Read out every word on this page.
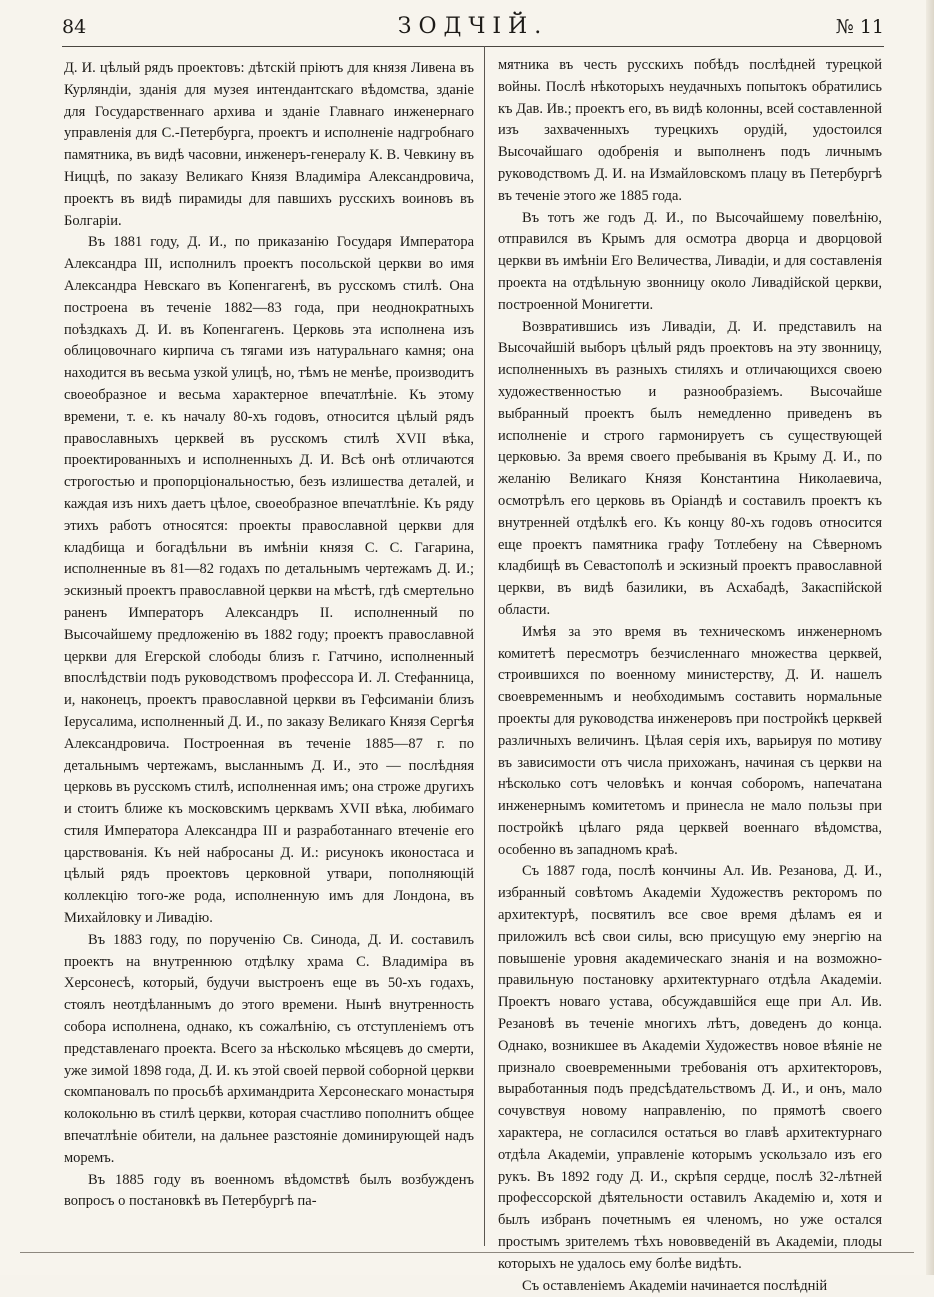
84	ЗОДЧІЙ.	№ 11

Д. И. цѣлый рядъ проектовъ: дѣтскій пріютъ для князя Ливена въ Курляндіи, зданія для музея интендантскаго вѣдомства, зданіе для Государственнаго архива и зданіе Главнаго инженернаго управленія для С.-Петербурга, проектъ и исполненіе надгробнаго памятника, въ видѣ часовни, инженеръ-генералу К. В. Чевкину въ Ниццѣ, по заказу Великаго Князя Владиміра Александровича, проектъ въ видѣ пирамиды для павшихъ русскихъ воиновъ въ Болгаріи.

Въ 1881 году, Д. И., по приказанію Государя Императора Александра III, исполнилъ проектъ посольской церкви во имя Александра Невскаго въ Копенгагенѣ, въ русскомъ стилѣ. Она построена въ теченіе 1882—83 года, при неоднократныхъ поѣздкахъ Д. И. въ Копенгагенъ. Церковь эта исполнена изъ облицовочнаго кирпича съ тягами изъ натуральнаго камня; она находится въ весьма узкой улицѣ, но, тѣмъ не менѣе, производитъ своеобразное и весьма характерное впечатлѣніе. Къ этому времени, т. е. къ началу 80-хъ годовъ, относится цѣлый рядъ православныхъ церквей въ русскомъ стилѣ XVII вѣка, проектированныхъ и исполненныхъ Д. И. Всѣ онѣ отличаются строгостью и пропорціональностью, безъ излишества деталей, и каждая изъ нихъ даетъ цѣлое, своеобразное впечатлѣніе. Къ ряду этихъ работъ относятся: проекты православной церкви для кладбища и богадѣльни въ имѣніи князя С. С. Гагарина, исполненные въ 81—82 годахъ по детальнымъ чертежамъ Д. И.; эскизный проектъ православной церкви на мѣстѣ, гдѣ смертельно раненъ Императоръ Александръ II. исполненный по Высочайшему предложенію въ 1882 году; проектъ православной церкви для Егерской слободы близъ г. Гатчино, исполненный впослѣдствіи подъ руководствомъ профессора И. Л. Стефанница, и, наконецъ, проектъ православной церкви въ Гефсиманіи близъ Іерусалима, исполненный Д. И., по заказу Великаго Князя Сергѣя Александровича. Построенная въ теченіе 1885—87 г. по детальнымъ чертежамъ, высланнымъ Д. И., это — послѣдняя церковь въ русскомъ стилѣ, исполненная имъ; она строже другихъ и стоитъ ближе къ московскимъ церквамъ XVII вѣка, любимаго стиля Императора Александра III и разработаннаго втеченіе его царствованія. Къ ней набросаны Д. И.: рисунокъ иконостаса и цѣлый рядъ проектовъ церковной утвари, пополняющій коллекцію того-же рода, исполненную имъ для Лондона, въ Михайловку и Ливадію.

Въ 1883 году, по порученію Св. Синода, Д. И. составилъ проектъ на внутреннюю отдѣлку храма С. Владиміра въ Херсонесѣ, который, будучи выстроенъ еще въ 50-хъ годахъ, стоялъ неотдѣланнымъ до этого времени. Нынѣ внутренность собора исполнена, однако, къ сожалѣнію, съ отступленіемъ отъ представленаго проекта. Всего за нѣсколько мѣсяцевъ до смерти, уже зимой 1898 года, Д. И. къ этой своей первой соборной церкви скомпановалъ по просьбѣ архимандрита Херсонескаго монастыря колокольню въ стилѣ церкви, которая счастливо пополнитъ общее впечатлѣніе обители, на дальнее разстояніе доминирующей надъ моремъ.

Въ 1885 году въ военномъ вѣдомствѣ былъ возбужденъ вопросъ о постановкѣ въ Петербургѣ па-

мятника въ честь русскихъ побѣдъ послѣдней турецкой войны. Послѣ нѣкоторыхъ неудачныхъ попытокъ обратились къ Дав. Ив.; проектъ его, въ видѣ колонны, всей составленной изъ захваченныхъ турецкихъ орудій, удостоился Высочайшаго одобренія и выполненъ подъ личнымъ руководствомъ Д. И. на Измайловскомъ плацу въ Петербургѣ въ теченіе этого же 1885 года.

Въ тотъ же годъ Д. И., по Высочайшему повелѣнію, отправился въ Крымъ для осмотра дворца и дворцовой церкви въ имѣніи Его Величества, Ливадіи, и для составленія проекта на отдѣльную звонницу около Ливадійской церкви, построенной Монигетти.

Возвратившись изъ Ливадіи, Д. И. представилъ на Высочайшій выборъ цѣлый рядъ проектовъ на эту звонницу, исполненныхъ въ разныхъ стиляхъ и отличающихся своею художественностью и разнообразіемъ. Высочайше выбранный проектъ былъ немедленно приведенъ въ исполненіе и строго гармонируетъ съ существующей церковью. За время своего пребыванія въ Крыму Д. И., по желанію Великаго Князя Константина Николаевича, осмотрѣлъ его церковь въ Оріандѣ и составилъ проектъ къ внутренней отдѣлкѣ его. Къ концу 80-хъ годовъ относится еще проектъ памятника графу Тотлебену на Сѣверномъ кладбищѣ въ Севастополѣ и эскизный проектъ православной церкви, въ видѣ базилики, въ Асхабадѣ, Закаспійской области.

Имѣя за это время въ техническомъ инженерномъ комитетѣ пересмотръ безчисленнаго множества церквей, строившихся по военному министерству, Д. И. нашелъ своевременнымъ и необходимымъ составить нормальные проекты для руководства инженеровъ при постройкѣ церквей различныхъ величинъ. Цѣлая серія ихъ, варьируя по мотиву въ зависимости отъ числа прихожанъ, начиная съ церкви на нѣсколько сотъ человѣкъ и кончая соборомъ, напечатана инженернымъ комитетомъ и принесла не мало пользы при постройкѣ цѣлаго ряда церквей военнаго вѣдомства, особенно въ западномъ краѣ.

Съ 1887 года, послѣ кончины Ал. Ив. Резанова, Д. И., избранный совѣтомъ Академіи Художествъ ректоромъ по архитектурѣ, посвятилъ все свое время дѣламъ ея и приложилъ всѣ свои силы, всю присущую ему энергію на повышеніе уровня академическаго знанія и на возможно-правильную постановку архитектурнаго отдѣла Академіи. Проектъ новаго устава, обсуждавшійся еще при Ал. Ив. Резановѣ въ теченіе многихъ лѣтъ, доведенъ до конца. Однако, возникшее въ Академіи Художествъ новое вѣяніе не признало своевременными требованія отъ архитекторовъ, выработанныя подъ предсѣдательствомъ Д. И., и онъ, мало сочувствуя новому направленію, по прямотѣ своего характера, не согласился остаться во главѣ архитектурнаго отдѣла Академіи, управленіе которымъ ускользало изъ его рукъ. Въ 1892 году Д. И., скрѣпя сердце, послѣ 32-лѣтней профессорской дѣятельности оставилъ Академію и, хотя и былъ избранъ почетнымъ ея членомъ, но уже остался простымъ зрителемъ тѣхъ нововведеній въ Академіи, плоды которыхъ не удалось ему болѣе видѣть.

Съ оставленіемъ Академіи начинается послѣдній
